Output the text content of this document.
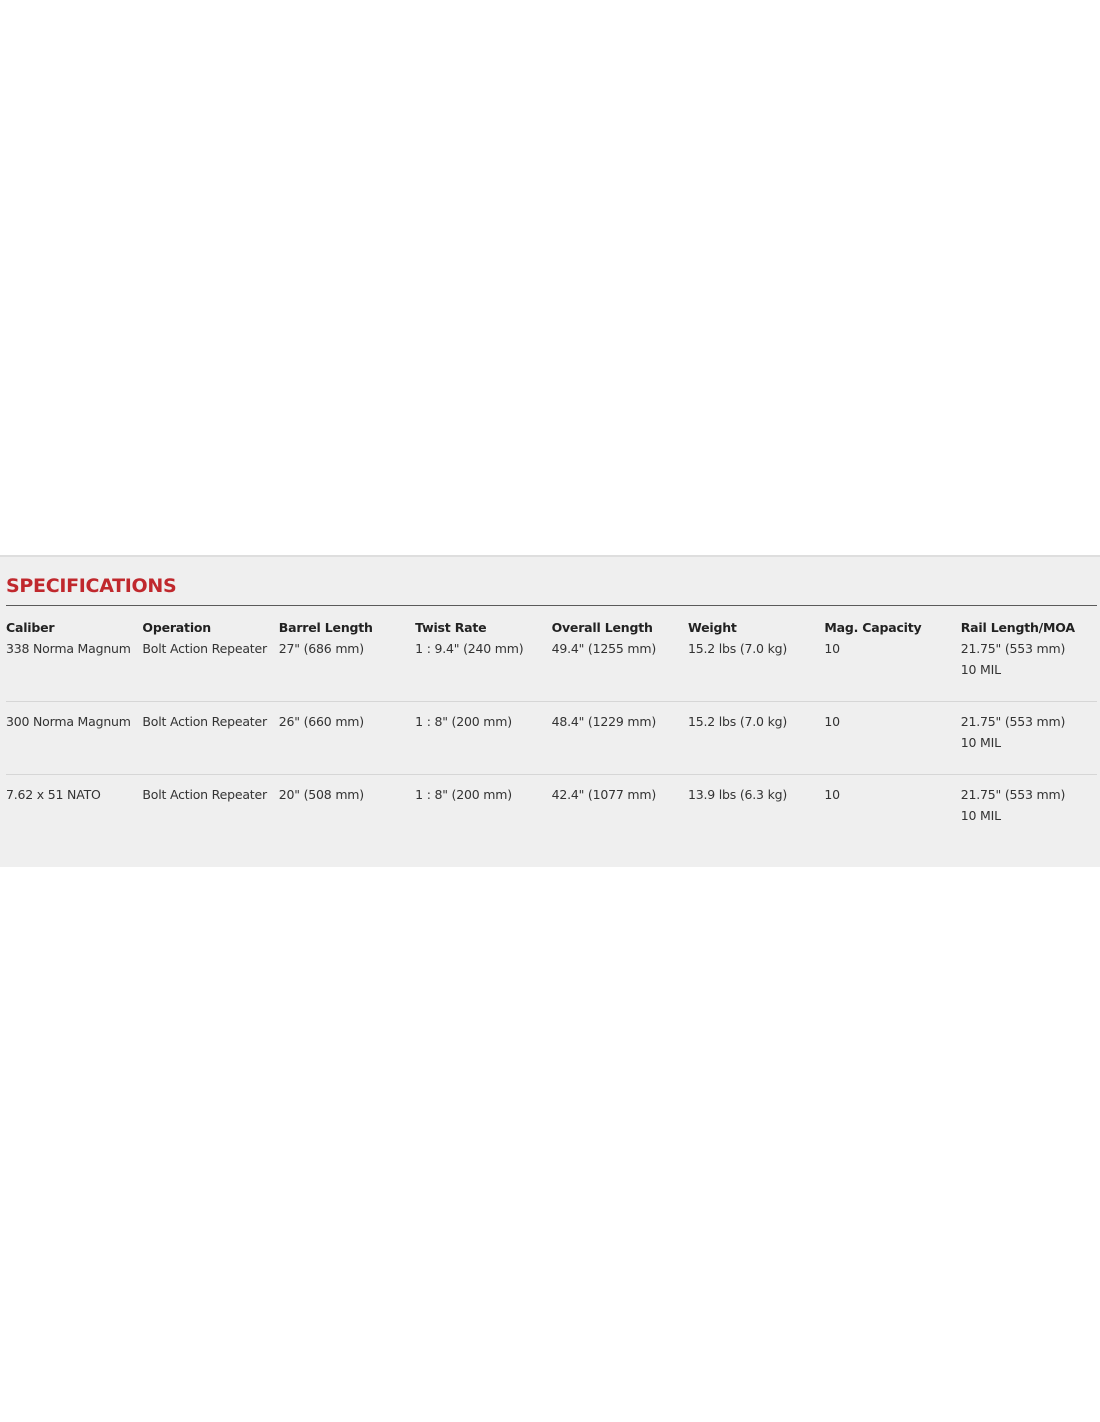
SPECIFICATIONS
Caliber	Operation	Barrel Length	Twist Rate	Overall Length	Weight	Mag. Capacity	Rail Length/MOA
338 Norma Magnum	Bolt Action Repeater	27" (686 mm)	1 : 9.4" (240 mm)	49.4" (1255 mm)	15.2 lbs (7.0 kg)	10	21.75" (553 mm)
10 MIL

300 Norma Magnum	Bolt Action Repeater	26" (660 mm)	1 : 8" (200 mm)	48.4" (1229 mm)	15.2 lbs (7.0 kg)	10	21.75" (553 mm)
10 MIL

7.62 x 51 NATO	Bolt Action Repeater	20" (508 mm)	1 : 8" (200 mm)	42.4" (1077 mm)	13.9 lbs (6.3 kg)	10	21.75" (553 mm)
10 MIL
